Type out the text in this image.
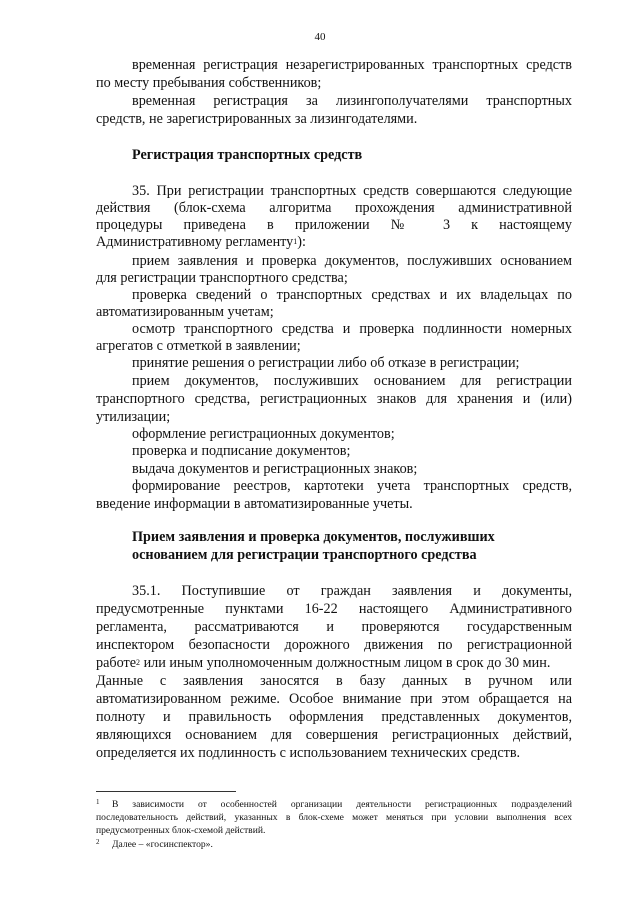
40
временная регистрация незарегистрированных транспортных средств
по месту пребывания собственников;
временная регистрация за лизингополучателями транспортных
средств, не зарегистрированных за лизингодателями.
Регистрация транспортных средств
35. При регистрации транспортных средств совершаются следующие
действия (блок-схема алгоритма прохождения административной
процедуры приведена в приложении № 3 к настоящему
Административному регламенту$^1$):
прием заявления и проверка документов, послуживших основанием
для регистрации транспортного средства;
проверка сведений о транспортных средствах и их владельцах по
автоматизированным учетам;
осмотр транспортного средства и проверка подлинности номерных
агрегатов с отметкой в заявлении;
принятие решения о регистрации либо об отказе в регистрации;
прием документов, послуживших основанием для регистрации
транспортного средства, регистрационных знаков для хранения и (или)
утилизации;
оформление регистрационных документов;
проверка и подписание документов;
выдача документов и регистрационных знаков;
формирование реестров, картотеки учета транспортных средств,
введение информации в автоматизированные учеты.
Прием заявления и проверка документов, послуживших
основанием для регистрации транспортного средства
35.1. Поступившие от граждан заявления и документы,
предусмотренные пунктами 16-22 настоящего Административного
регламента, рассматриваются и проверяются государственным
инспектором безопасности дорожного движения по регистрационной
работе$^2$ или иным уполномоченным должностным лицом в срок до 30 мин.
Данные с заявления заносятся в базу данных в ручном или
автоматизированном режиме. Особое внимание при этом обращается на
полноту и правильность оформления представленных документов,
являющихся основанием для совершения регистрационных действий,
определяется их подлинность с использованием технических средств.
1 В зависимости от особенностей организации деятельности регистрационных подразделений
последовательность действий, указанных в блок-схеме может меняться при условии выполнения всех
предусмотренных блок-схемой действий.
2 Далее – «госинспектор».
